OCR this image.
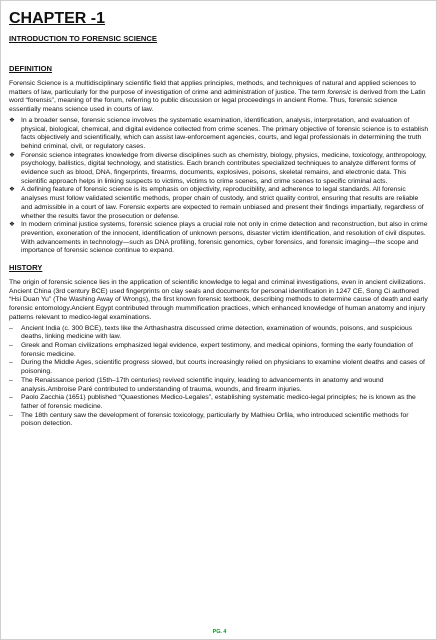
CHAPTER -1
INTRODUCTION TO FORENSIC SCIENCE
DEFINITION

Forensic Science is a multidisciplinary scientific field that applies principles, methods, and techniques of natural and applied sciences to matters of law, particularly for the purpose of investigation of crime and administration of justice. The term forensic is derived from the Latin word “forensis”, meaning of the forum, referring to public discussion or legal proceedings in ancient Rome. Thus, forensic science essentially means science used in courts of law.

❖ In a broader sense, forensic science involves the systematic examination, identification, analysis, interpretation, and evaluation of physical, biological, chemical, and digital evidence collected from crime scenes. The primary objective of forensic science is to establish facts objectively and scientifically, which can assist law-enforcement agencies, courts, and legal professionals in determining the truth behind criminal, civil, or regulatory cases.
❖ Forensic science integrates knowledge from diverse disciplines such as chemistry, biology, physics, medicine, toxicology, anthropology, psychology, ballistics, digital technology, and statistics. Each branch contributes specialized techniques to analyze different forms of evidence such as blood, DNA, fingerprints, firearms, documents, explosives, poisons, skeletal remains, and electronic data. This scientific approach helps in linking suspects to victims, victims to crime scenes, and crime scenes to specific criminal acts.
❖ A defining feature of forensic science is its emphasis on objectivity, reproducibility, and adherence to legal standards. All forensic analyses must follow validated scientific methods, proper chain of custody, and strict quality control, ensuring that results are reliable and admissible in a court of law. Forensic experts are expected to remain unbiased and present their findings impartially, regardless of whether the results favor the prosecution or defense.
❖ In modern criminal justice systems, forensic science plays a crucial role not only in crime detection and reconstruction, but also in crime prevention, exoneration of the innocent, identification of unknown persons, disaster victim identification, and resolution of civil disputes. With advancements in technology—such as DNA profiling, forensic genomics, cyber forensics, and forensic imaging—the scope and importance of forensic science continue to expand.
HISTORY

The origin of forensic science lies in the application of scientific knowledge to legal and criminal investigations, even in ancient civilizations. Ancient China (3rd century BCE) used fingerprints on clay seals and documents for personal identification in 1247 CE, Song Ci authored “Hsi Duan Yu” (The Washing Away of Wrongs), the first known forensic textbook, describing methods to determine cause of death and early forensic entomology.Ancient Egypt contributed through mummification practices, which enhanced knowledge of human anatomy and injury patterns relevant to medico-legal examinations.

–	Ancient India (c. 300 BCE), texts like the Arthashastra discussed crime detection, examination of wounds, poisons, and suspicious deaths, linking medicine with law.
–	Greek and Roman civilizations emphasized legal evidence, expert testimony, and medical opinions, forming the early foundation of forensic medicine.
–	During the Middle Ages, scientific progress slowed, but courts increasingly relied on physicians to examine violent deaths and cases of poisoning.
–	The Renaissance period (15th–17th centuries) revived scientific inquiry, leading to advancements in anatomy and wound analysis.Ambroise Paré contributed to understanding of trauma, wounds, and firearm injuries.
–	Paolo Zacchia (1651) published “Quaestiones Medico-Legales”, establishing systematic medico-legal principles; he is known as the father of forensic medicine.
–	The 18th century saw the development of forensic toxicology, particularly by Mathieu Orfila, who introduced scientific methods for poison detection.
PG. 4
